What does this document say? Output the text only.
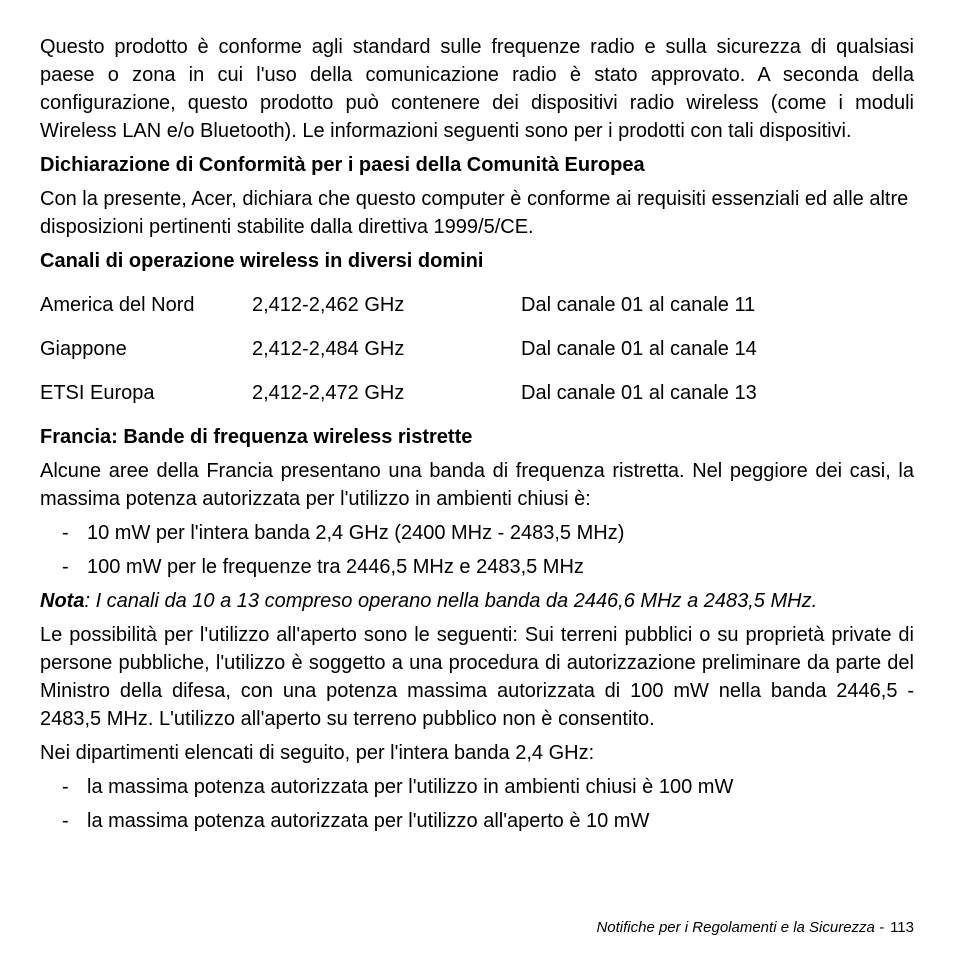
Questo prodotto è conforme agli standard sulle frequenze radio e sulla sicurezza di qualsiasi paese o zona in cui l'uso della comunicazione radio è stato approvato. A seconda della configurazione, questo prodotto può contenere dei dispositivi radio wireless (come i moduli Wireless LAN e/o Bluetooth). Le informazioni seguenti sono per i prodotti con tali dispositivi.

Dichiarazione di Conformità per i paesi della Comunità Europea

Con la presente, Acer, dichiara che questo computer è conforme ai requisiti essenziali ed alle altre disposizioni pertinenti stabilite dalla direttiva 1999/5/CE.

Canali di operazione wireless in diversi domini

America del Nord	2,412-2,462 GHz	Dal canale 01 al canale 11
Giappone	2,412-2,484 GHz	Dal canale 01 al canale 14
ETSI Europa	2,412-2,472 GHz	Dal canale 01 al canale 13

Francia: Bande di frequenza wireless ristrette

Alcune aree della Francia presentano una banda di frequenza ristretta. Nel peggiore dei casi, la massima potenza autorizzata per l'utilizzo in ambienti chiusi è:

- 10 mW per l'intera banda 2,4 GHz (2400 MHz - 2483,5 MHz)
- 100 mW per le frequenze tra 2446,5 MHz e 2483,5 MHz

Nota: I canali da 10 a 13 compreso operano nella banda da 2446,6 MHz a 2483,5 MHz.

Le possibilità per l'utilizzo all'aperto sono le seguenti: Sui terreni pubblici o su proprietà private di persone pubbliche, l'utilizzo è soggetto a una procedura di autorizzazione preliminare da parte del Ministro della difesa, con una potenza massima autorizzata di 100 mW nella banda 2446,5 - 2483,5 MHz. L'utilizzo all'aperto su terreno pubblico non è consentito.

Nei dipartimenti elencati di seguito, per l'intera banda 2,4 GHz:

- la massima potenza autorizzata per l'utilizzo in ambienti chiusi è 100 mW
- la massima potenza autorizzata per l'utilizzo all'aperto è 10 mW
Notifiche per i Regolamenti e la Sicurezza - 113
